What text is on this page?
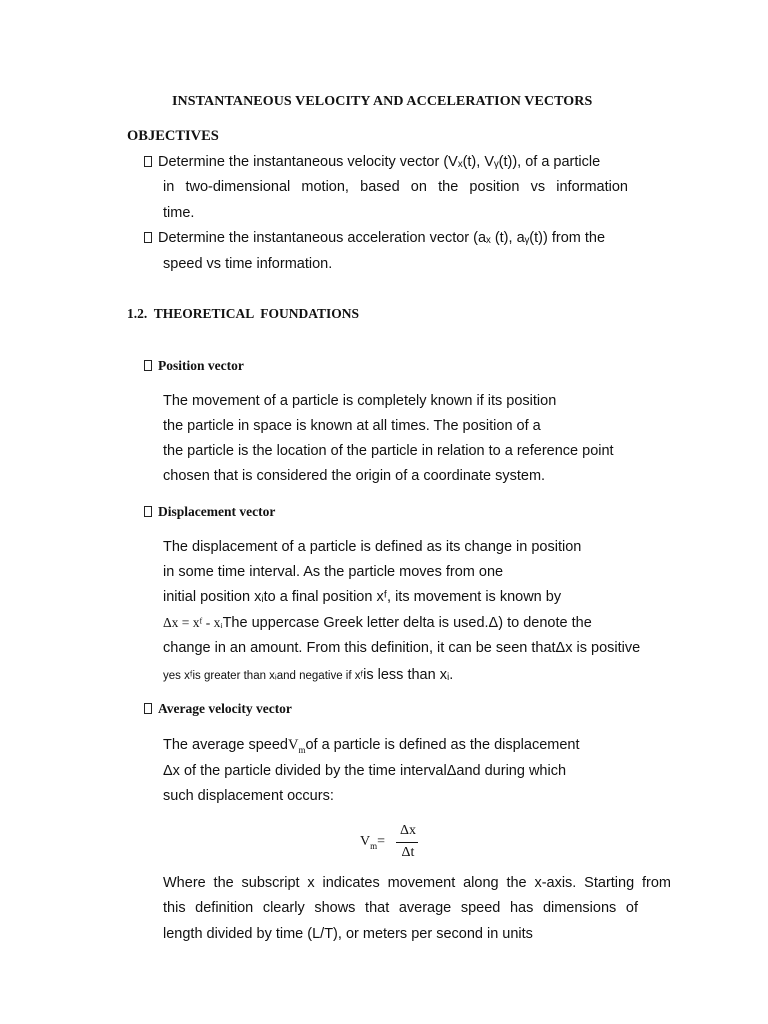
INSTANTANEOUS VELOCITY AND ACCELERATION VECTORS
OBJECTIVES
Determine the instantaneous velocity vector (Vₓ(t), Vᵧ(t)), of a particle
in two-dimensional motion, based on the position vs information
time.
Determine the instantaneous acceleration vector (aₓ (t), aᵧ(t)) from the
speed vs time information.
1.2.  THEORETICAL  FOUNDATIONS
Position vector
The movement of a particle is completely known if its position
the particle in space is known at all times. The position of a
the particle is the location of the particle in relation to a reference point
chosen that is considered the origin of a coordinate system.
Displacement vector
The displacement of a particle is defined as its change in position
in some time interval. As the particle moves from one
initial position xᵢto a final position xᶠ, its movement is known by
Δx = xᶠ - xᵢThe uppercase Greek letter delta is used.Δ) to denote the
change in an amount. From this definition, it can be seen thatΔx is positive
yes xᶠis greater than xᵢand negative if xᶠis less than xᵢ.
Average velocity vector
The average speedV$_m$of a particle is defined as the displacement
Δx of the particle divided by the time intervalΔand during which
such displacement occurs:
$V_m=$
Δx
Δt
Where the subscript x indicates movement along the x-axis. Starting from
this definition clearly shows that average speed has dimensions of
length divided by time (L/T), or meters per second in units
